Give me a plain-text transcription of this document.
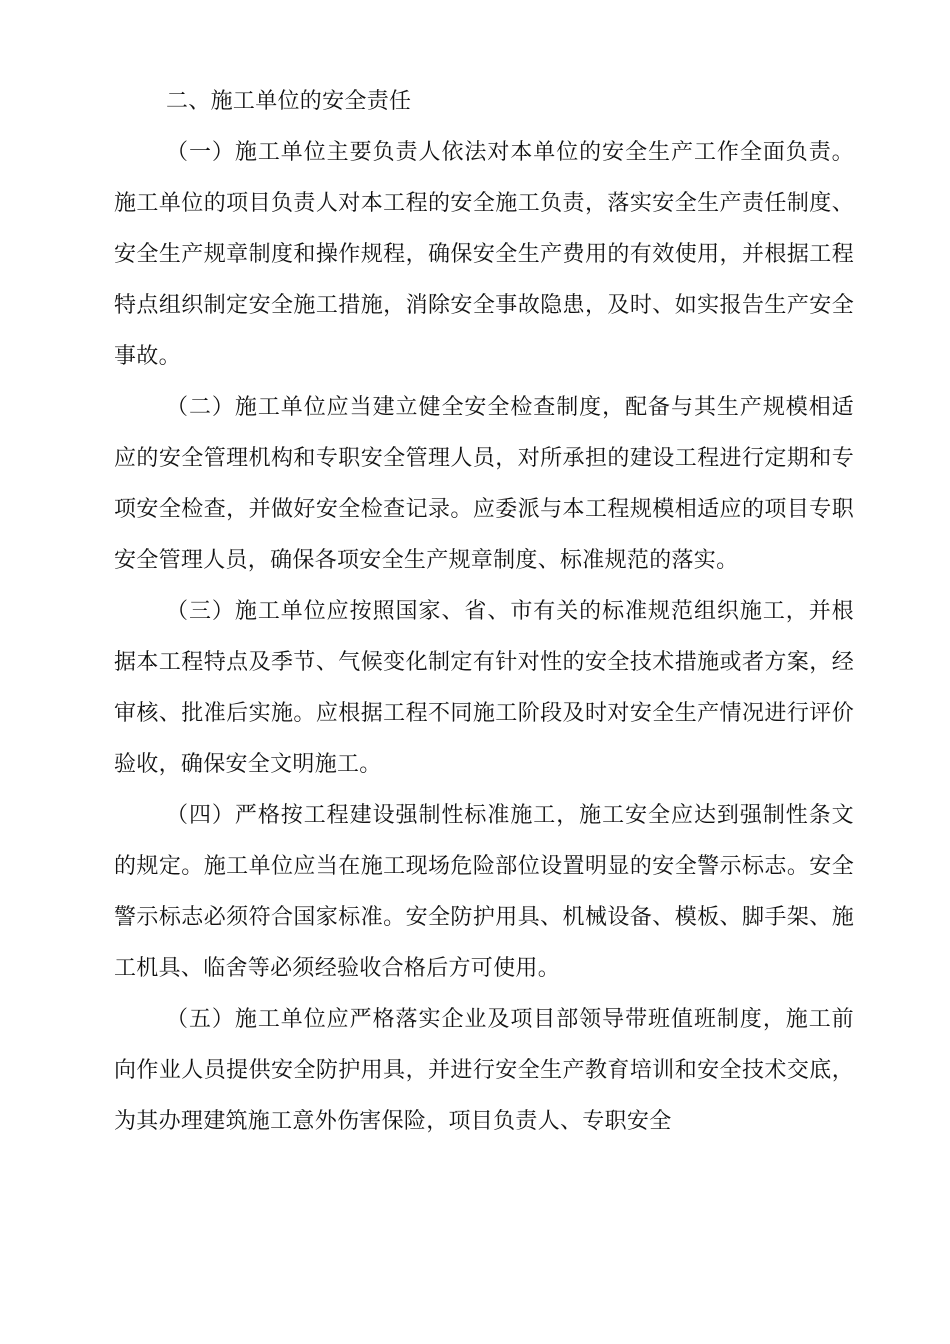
二、施工单位的安全责任

（一）施工单位主要负责人依法对本单位的安全生产工作全面负责。施工单位的项目负责人对本工程的安全施工负责，落实安全生产责任制度、安全生产规章制度和操作规程，确保安全生产费用的有效使用，并根据工程特点组织制定安全施工措施，消除安全事故隐患，及时、如实报告生产安全事故。

（二）施工单位应当建立健全安全检查制度，配备与其生产规模相适应的安全管理机构和专职安全管理人员，对所承担的建设工程进行定期和专项安全检查，并做好安全检查记录。应委派与本工程规模相适应的项目专职安全管理人员，确保各项安全生产规章制度、标准规范的落实。

（三）施工单位应按照国家、省、市有关的标准规范组织施工，并根据本工程特点及季节、气候变化制定有针对性的安全技术措施或者方案，经审核、批准后实施。应根据工程不同施工阶段及时对安全生产情况进行评价验收，确保安全文明施工。

（四）严格按工程建设强制性标准施工，施工安全应达到强制性条文的规定。施工单位应当在施工现场危险部位设置明显的安全警示标志。安全警示标志必须符合国家标准。安全防护用具、机械设备、模板、脚手架、施工机具、临舍等必须经验收合格后方可使用。

（五）施工单位应严格落实企业及项目部领导带班值班制度，施工前向作业人员提供安全防护用具，并进行安全生产教育培训和安全技术交底，为其办理建筑施工意外伤害保险，项目负责人、专职安全
